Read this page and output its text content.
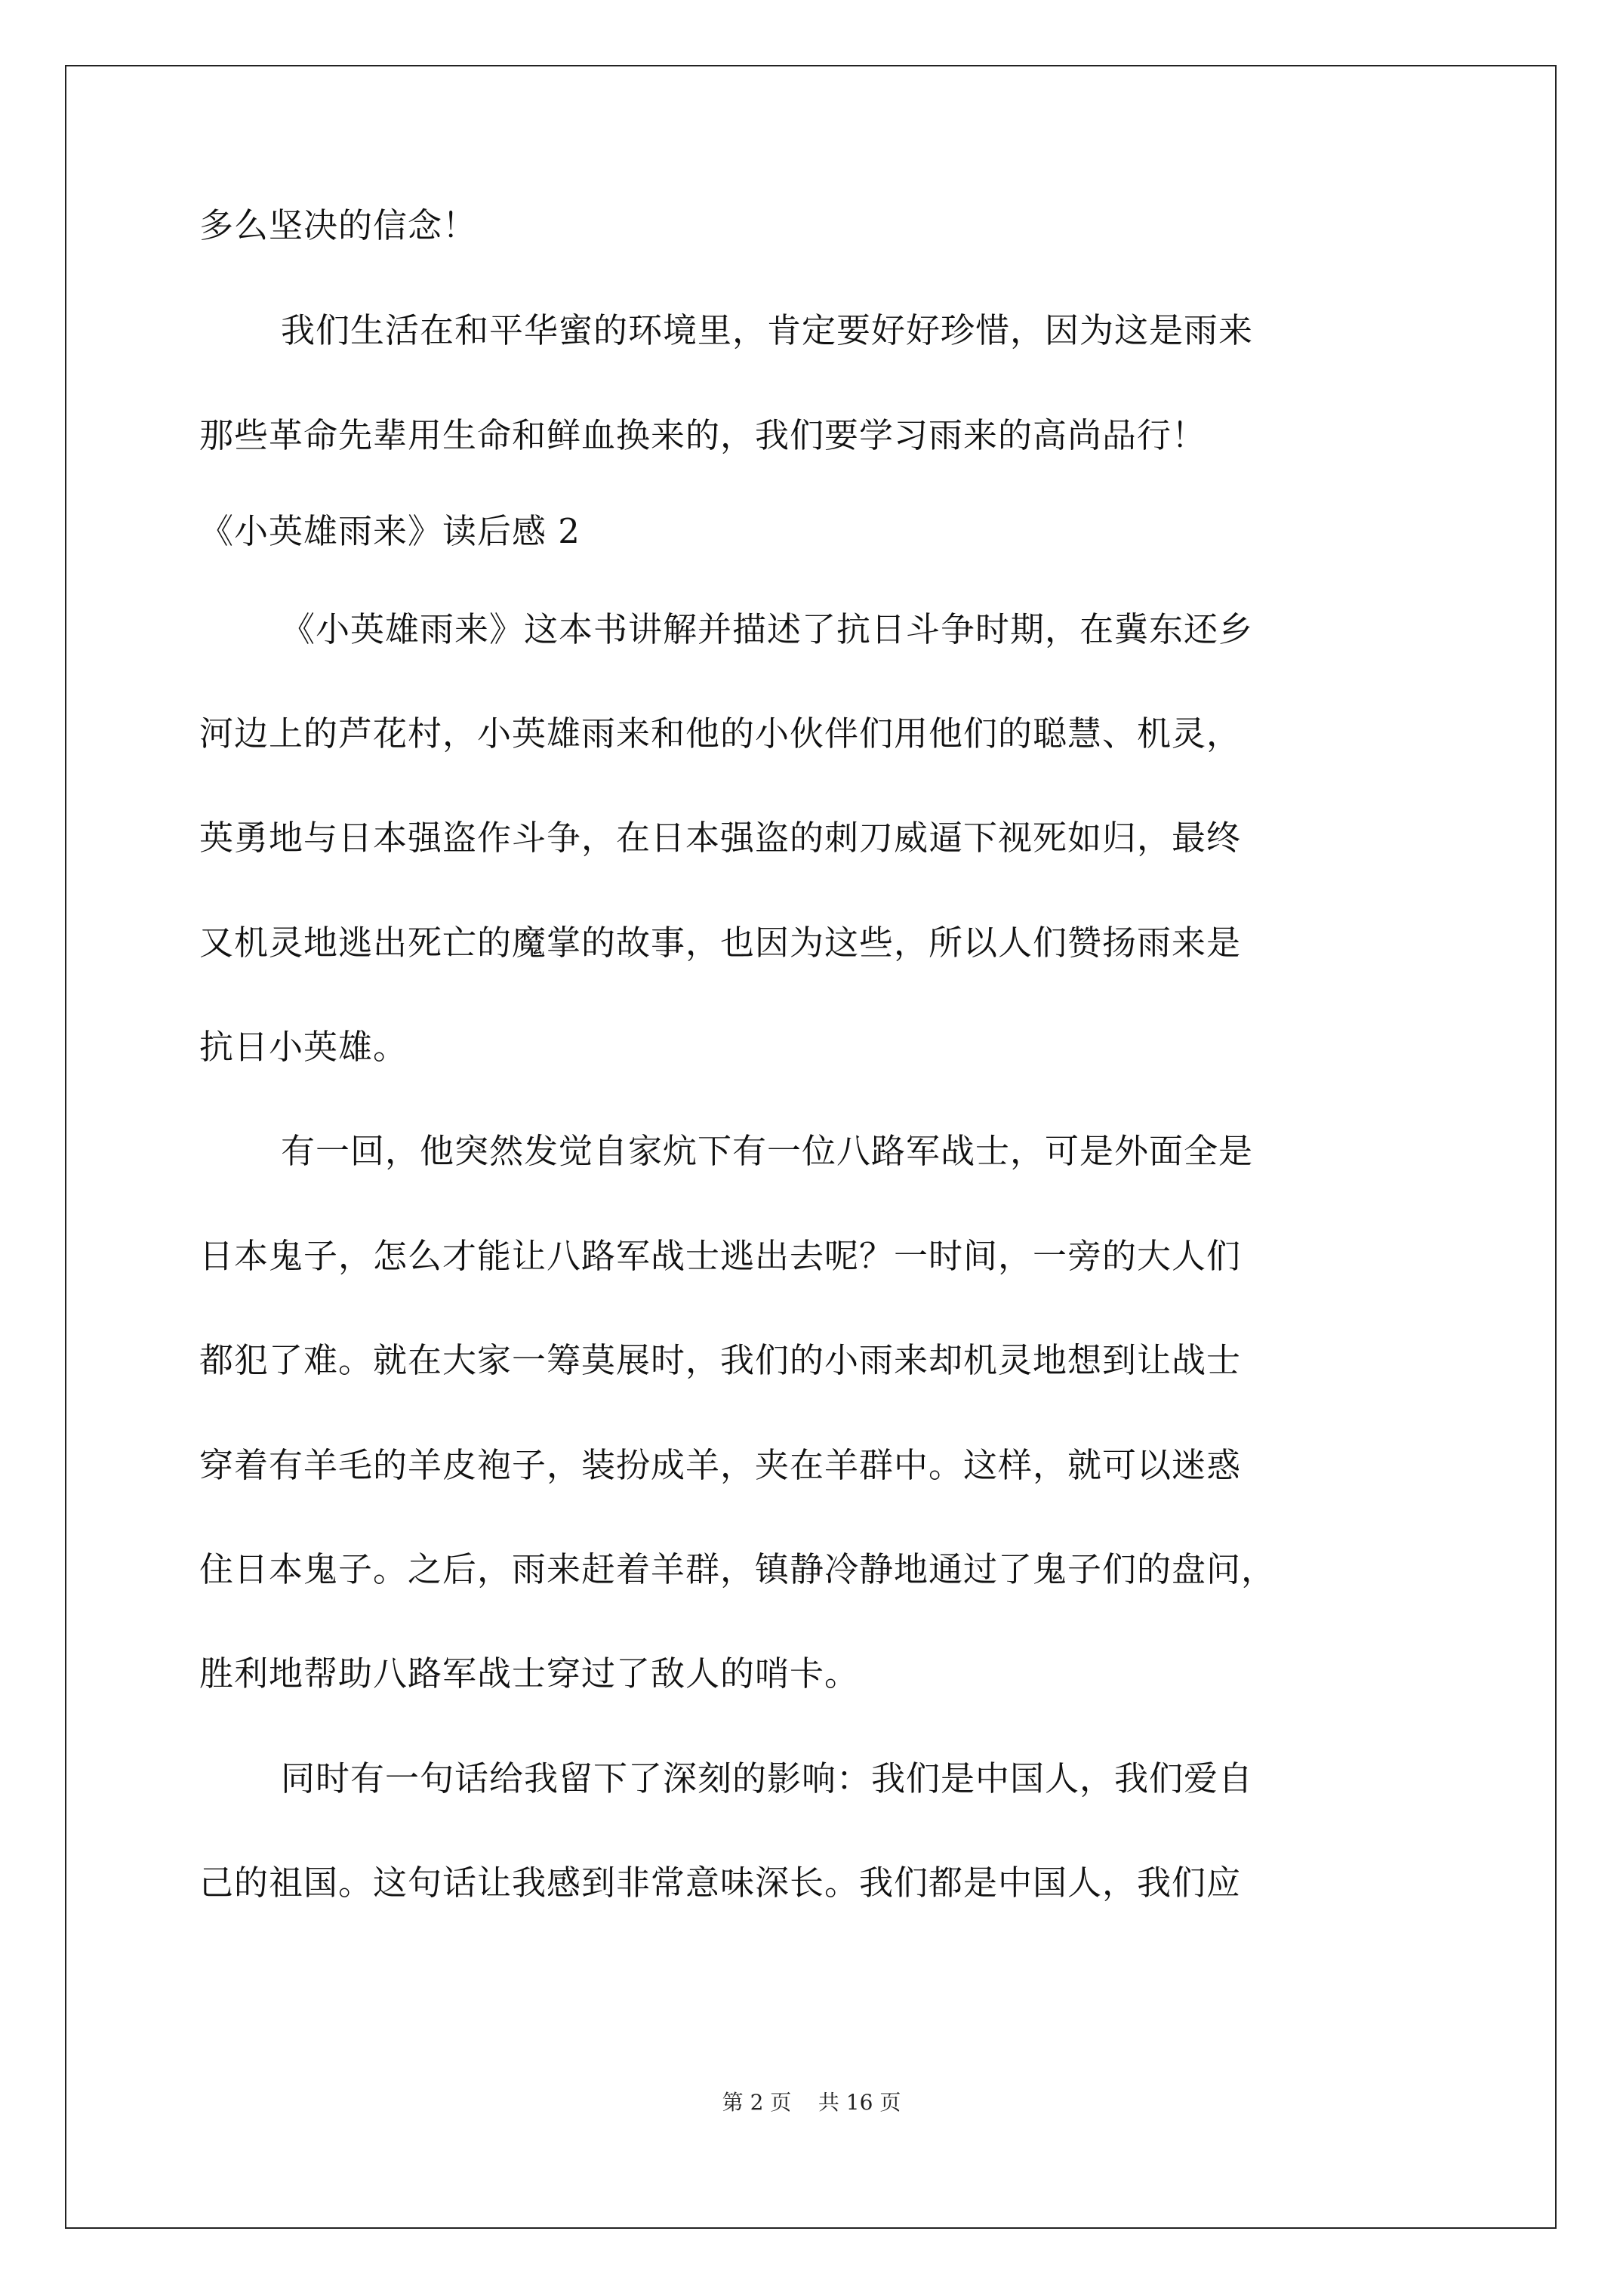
多么坚决的信念！
我们生活在和平华蜜的环境里，肯定要好好珍惜，因为这是雨来
那些革命先辈用生命和鲜血换来的，我们要学习雨来的高尚品行！
《小英雄雨来》读后感 2
《小英雄雨来》这本书讲解并描述了抗日斗争时期，在冀东还乡
河边上的芦花村，小英雄雨来和他的小伙伴们用他们的聪慧、机灵，
英勇地与日本强盗作斗争，在日本强盗的刺刀威逼下视死如归，最终
又机灵地逃出死亡的魔掌的故事，也因为这些，所以人们赞扬雨来是
抗日小英雄。
有一回，他突然发觉自家炕下有一位八路军战士，可是外面全是
日本鬼子，怎么才能让八路军战士逃出去呢？一时间，一旁的大人们
都犯了难。就在大家一筹莫展时，我们的小雨来却机灵地想到让战士
穿着有羊毛的羊皮袍子，装扮成羊，夹在羊群中。这样，就可以迷惑
住日本鬼子。之后，雨来赶着羊群，镇静冷静地通过了鬼子们的盘问，
胜利地帮助八路军战士穿过了敌人的哨卡。
同时有一句话给我留下了深刻的影响：我们是中国人，我们爱自
己的祖国。这句话让我感到非常意味深长。我们都是中国人，我们应
第 2 页    共 16 页
